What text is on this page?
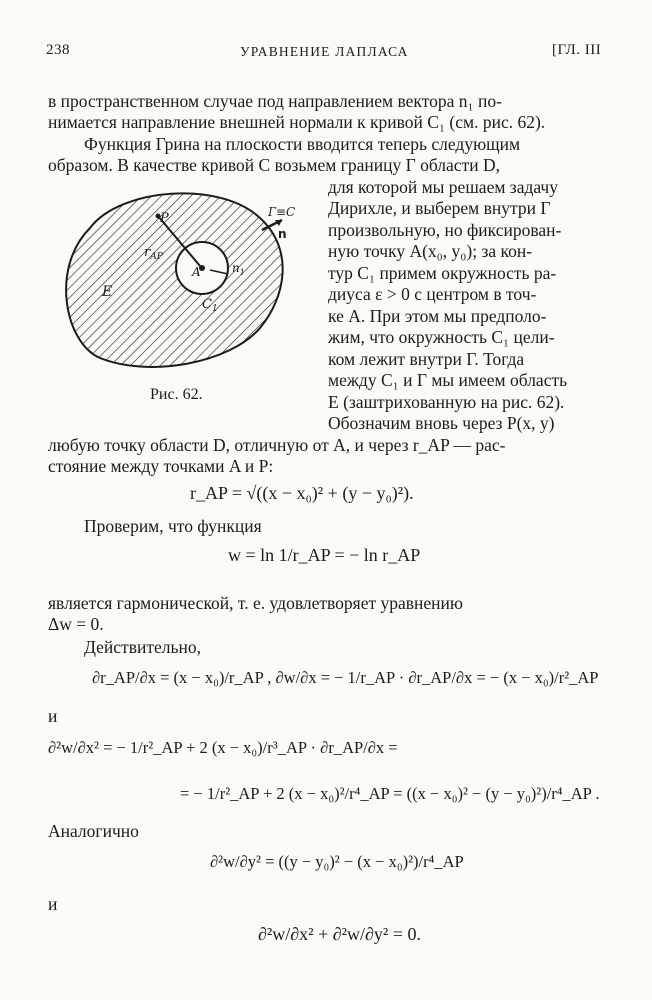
238	УРАВНЕНИЕ ЛАПЛАСА	[ГЛ. III
в пространственном случае под направлением вектора n₁ по-
нимается направление внешней нормали к кривой C₁ (см. рис. 62).
Функция Грина на плоскости вводится теперь следующим
образом. В качестве кривой C возьмем границу Г области D,
P
$r_{AP}$
A	$n_1$
E
$C_1$
Г≡C
n
Рис. 62.
для которой мы решаем задачу
Дирихле, и выберем внутри Г
произвольную, но фиксирован-
ную точку A(x₀, y₀); за кон-
тур C₁ примем окружность ра-
диуса ε > 0 с центром в точ-
ке A. При этом мы предполо-
жим, что окружность C₁ цели-
ком лежит внутри Г. Тогда
между C₁ и Г мы имеем область
E (заштрихованную на рис. 62).
Обозначим вновь через P(x, y)
любую точку области D, отличную от A, и через r_AP — рас-
стояние между точками A и P:
r_AP = √((x − x₀)² + (y − y₀)²).
Проверим, что функция
w = ln 1/r_AP = − ln r_AP
является гармонической, т. е. удовлетворяет уравнению
Δw = 0.
Действительно,
∂r_AP/∂x = (x − x₀)/r_AP , ∂w/∂x = − 1/r_AP · ∂r_AP/∂x = − (x − x₀)/r²_AP
и
∂²w/∂x² = − 1/r²_AP + 2 (x − x₀)/r³_AP · ∂r_AP/∂x =
= − 1/r²_AP + 2 (x − x₀)²/r⁴_AP = ((x − x₀)² − (y − y₀)²)/r⁴_AP .
Аналогично
∂²w/∂y² = ((y − y₀)² − (x − x₀)²)/r⁴_AP
и
∂²w/∂x² + ∂²w/∂y² = 0.
